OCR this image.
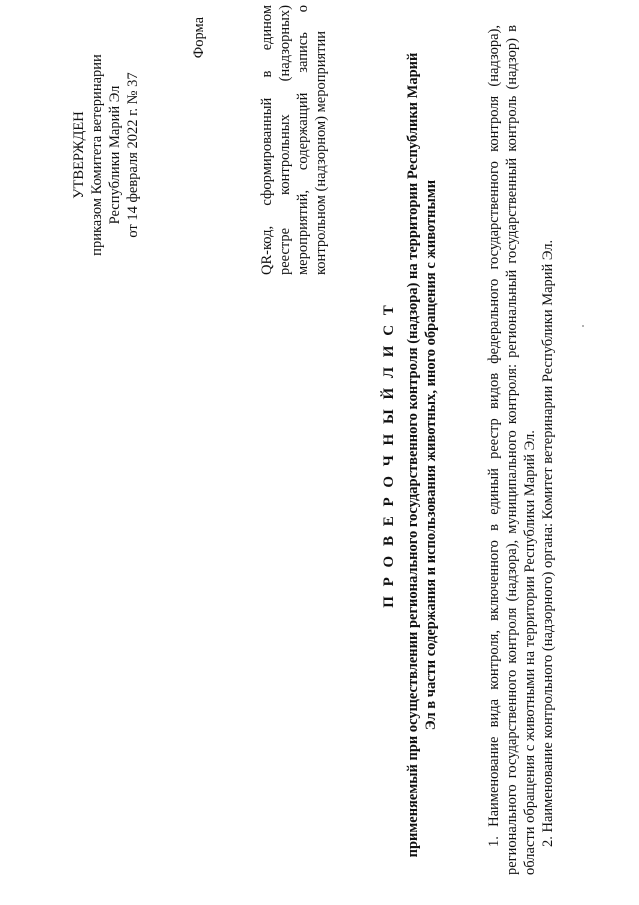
УТВЕРЖДЕН приказом Комитета ветеринарии Республики Марий Эл от 14 февраля 2022 г. № 37
Форма	QR-код, сформированный в едином реестре контрольных (надзорных) мероприятий, содержащий запись о контрольном (надзорном) мероприятии
П Р О В Е Р О Ч Н Ы Й Л И С Т применяемый при осуществлении регионального государственного контроля (надзора) на территории Республики Марий Эл в части содержания и использования животных, иного обращения с животными	1. Наименование вида контроля, включенного в единый реестр видов федерального государственного контроля (надзора), регионального государственного контроля (надзора), муниципального контроля: региональный государственный контроль (надзор) в области обращения с животными на территории Республики Марий Эл. 2. Наименование контрольного (надзорного) органа: Комитет ветеринарии Республики Марий Эл.
